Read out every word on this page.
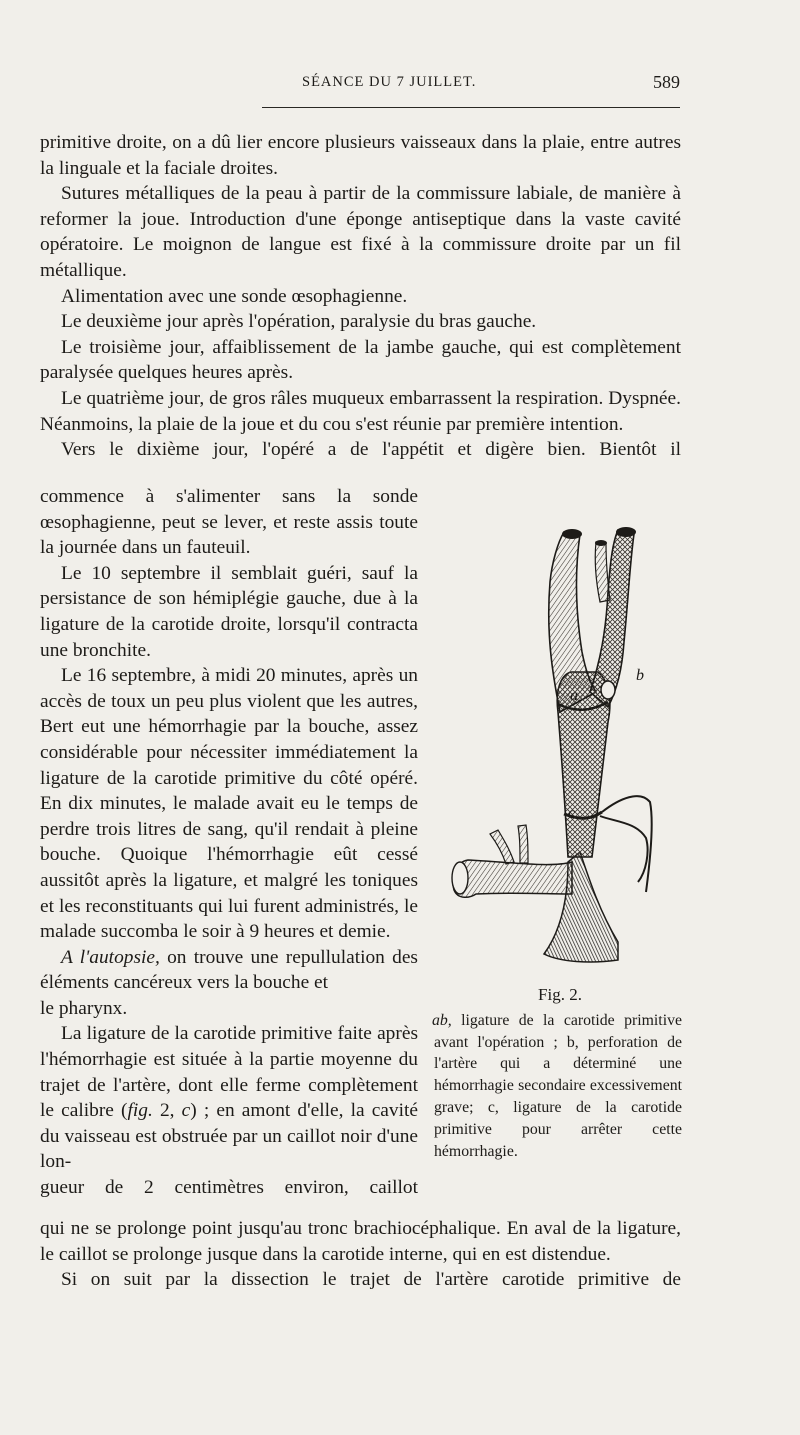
SÉANCE DU 7 JUILLET.	589

primitive droite, on a dû lier encore plusieurs vaisseaux dans la plaie, entre autres la linguale et la faciale droites.

Sutures métalliques de la peau à partir de la commissure labiale, de manière à reformer la joue. Introduction d'une éponge antiseptique dans la vaste cavité opératoire. Le moignon de langue est fixé à la commissure droite par un fil métallique.

Alimentation avec une sonde œsophagienne.

Le deuxième jour après l'opération, paralysie du bras gauche.

Le troisième jour, affaiblissement de la jambe gauche, qui est complètement paralysée quelques heures après.

Le quatrième jour, de gros râles muqueux embarrassent la respiration. Dyspnée. Néanmoins, la plaie de la joue et du cou s'est réunie par première intention.

Vers le dixième jour, l'opéré a de l'appétit et digère bien. Bientôt il

commence à s'alimenter sans la sonde œsophagienne, peut se lever, et reste assis toute la journée dans un fauteuil.

Le 10 septembre il semblait guéri, sauf la persistance de son hémiplégie gauche, due à la ligature de la carotide droite, lorsqu'il contracta une bronchite.

Le 16 septembre, à midi 20 minutes, après un accès de toux un peu plus violent que les autres, Bert eut une hémorrhagie par la bouche, assez considérable pour nécessiter immédiatement la ligature de la carotide primitive du côté opéré. En dix minutes, le malade avait eu le temps de perdre trois litres de sang, qu'il rendait à pleine bouche. Quoique l'hémorrhagie eût cessé aussitôt après la ligature, et malgré les toniques et les reconstituants qui lui furent administrés, le malade succomba le soir à 9 heures et demie.

A l'autopsie, on trouve une repullulation des éléments cancéreux vers la bouche et

le pharynx.

La ligature de la carotide primitive faite après l'hémorrhagie est située à la partie moyenne du trajet de l'artère, dont elle ferme complètement le calibre (fig. 2, c) ; en amont d'elle, la cavité du vaisseau est obstruée par un caillot noir d'une lon-

gueur de 2 centimètres environ, caillot

a
b
c
Fig. 2.
ab, ligature de la carotide primitive avant l'opération ; b, perforation de l'artère qui a déterminé une hémorrhagie secondaire excessivement grave; c, ligature de la carotide primitive pour arrêter cette hémorrhagie.

qui ne se prolonge point jusqu'au tronc brachiocéphalique. En aval de la ligature, le caillot se prolonge jusque dans la carotide interne, qui en est distendue.

Si on suit par la dissection le trajet de l'artère carotide primitive de
